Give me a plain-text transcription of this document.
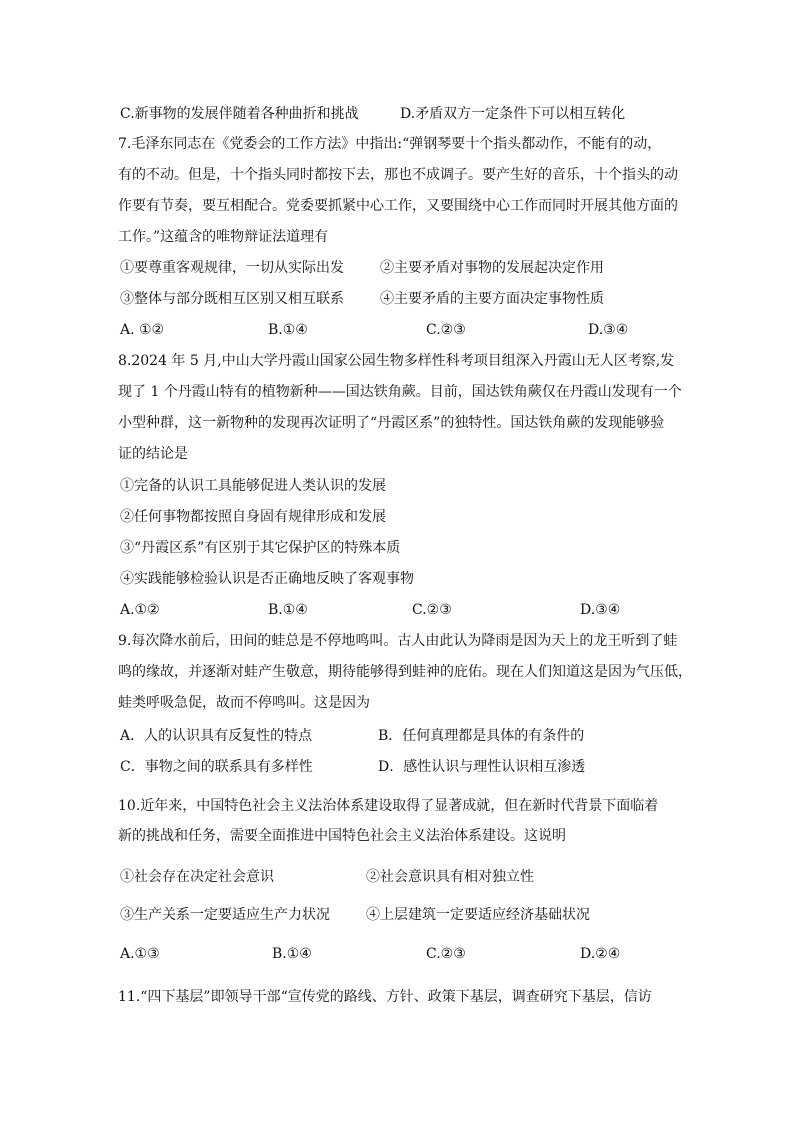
C.新事物的发展伴随着各种曲折和挑战	D.矛盾双方一定条件下可以相互转化
7.毛泽东同志在《党委会的工作方法》中指出:“弹钢琴要十个指头都动作，不能有的动，
有的不动。但是，十个指头同时都按下去，那也不成调子。要产生好的音乐，十个指头的动
作要有节奏，要互相配合。党委要抓紧中心工作，又要围绕中心工作而同时开展其他方面的
工作。”这蕴含的唯物辩证法道理有
①要尊重客观规律，一切从实际出发	②主要矛盾对事物的发展起决定作用
③整体与部分既相互区别又相互联系	④主要矛盾的主要方面决定事物性质
A. ①②	B.①④	C.②③	D.③④
8.2024 年 5 月,中山大学丹霞山国家公园生物多样性科考项目组深入丹霞山无人区考察,发
现了 1 个丹霞山特有的植物新种——国达铁角蕨。目前，国达铁角蕨仅在丹霞山发现有一个
小型种群，这一新物种的发现再次证明了“丹霞区系”的独特性。国达铁角蕨的发现能够验
证的结论是
①完备的认识工具能够促进人类认识的发展
②任何事物都按照自身固有规律形成和发展
③“丹霞区系”有区别于其它保护区的特殊本质
④实践能够检验认识是否正确地反映了客观事物
A.①②	B.①④	C.②③	D.③④
9.每次降水前后，田间的蛙总是不停地鸣叫。古人由此认为降雨是因为天上的龙王听到了蛙
鸣的缘故，并逐渐对蛙产生敬意，期待能够得到蛙神的庇佑。现在人们知道这是因为气压低，
蛙类呼吸急促，故而不停鸣叫。这是因为
A．人的认识具有反复性的特点	B．任何真理都是具体的有条件的
C．事物之间的联系具有多样性	D．感性认识与理性认识相互渗透
10.近年来，中国特色社会主义法治体系建设取得了显著成就，但在新时代背景下面临着
新的挑战和任务，需要全面推进中国特色社会主义法治体系建设。这说明
①社会存在决定社会意识	②社会意识具有相对独立性
③生产关系一定要适应生产力状况	④上层建筑一定要适应经济基础状况
A.①③	B.①④	C.②③	D.②④
11.“四下基层”即领导干部“宣传党的路线、方针、政策下基层，调查研究下基层，信访
